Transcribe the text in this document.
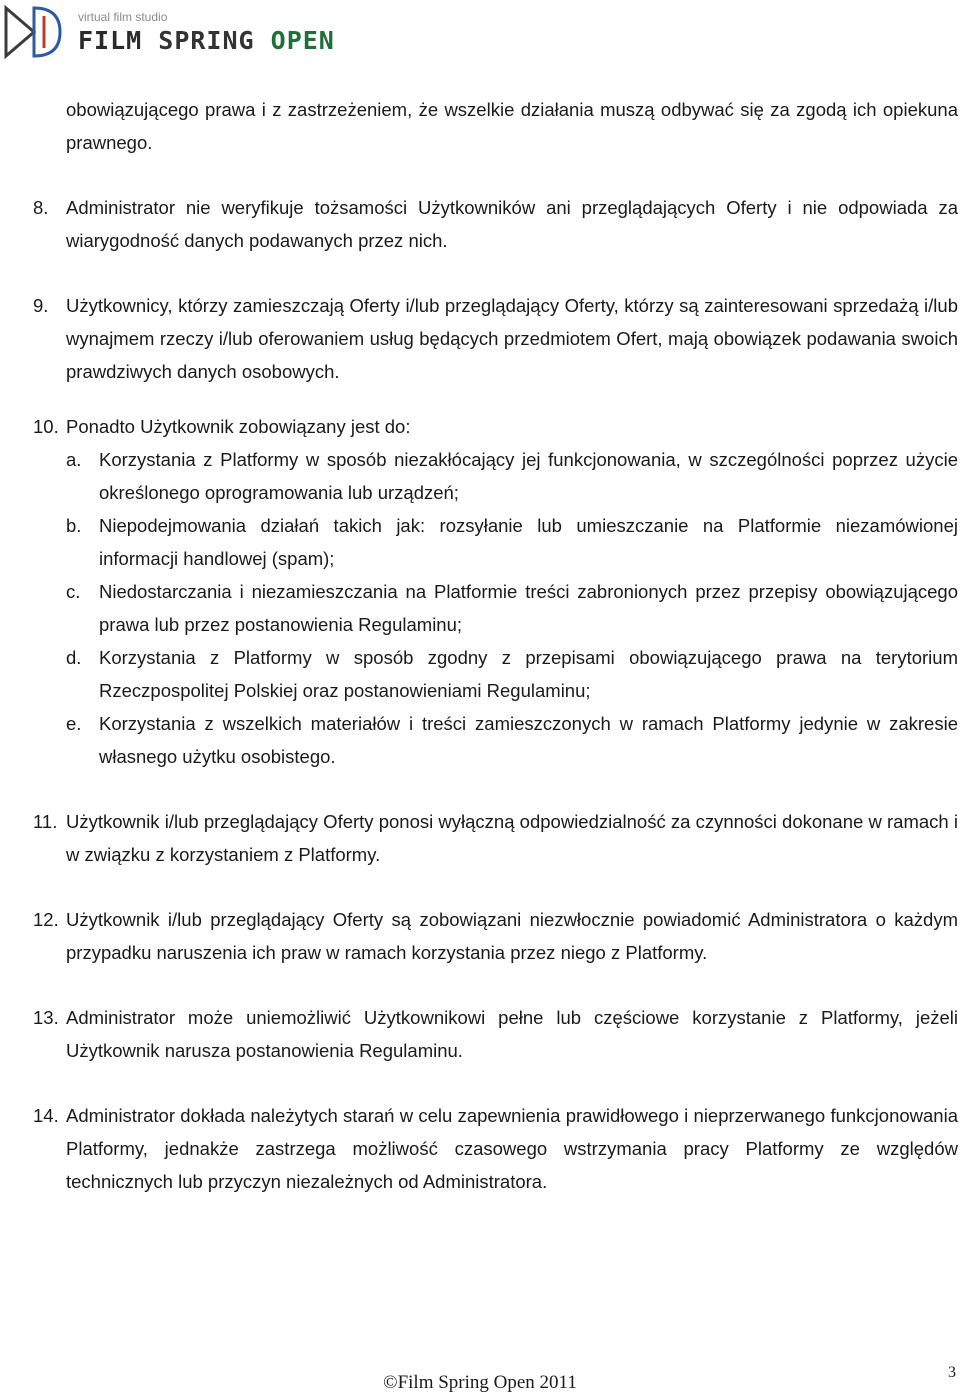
virtual film studio
FILM SPRING OPEN

obowiązującego prawa i z zastrzeżeniem, że wszelkie działania muszą odbywać się za zgodą ich opiekuna prawnego.

8. Administrator nie weryfikuje tożsamości Użytkowników ani przeglądających Oferty i nie odpowiada za wiarygodność danych podawanych przez nich.
9. Użytkownicy, którzy zamieszczają Oferty i/lub przeglądający Oferty, którzy są zainteresowani sprzedażą i/lub wynajmem rzeczy i/lub oferowaniem usług będących przedmiotem Ofert, mają obowiązek podawania swoich prawdziwych danych osobowych.
10. Ponadto Użytkownik zobowiązany jest do:
a. Korzystania z Platformy w sposób niezakłócający jej funkcjonowania, w szczególności poprzez użycie określonego oprogramowania lub urządzeń;
b. Niepodejmowania działań takich jak: rozsyłanie lub umieszczanie na Platformie niezamówionej informacji handlowej (spam);
c.	Niedostarczania i niezamieszczania na Platformie treści zabronionych przez przepisy obowiązującego prawa lub przez postanowienia Regulaminu;
d. Korzystania z Platformy w sposób zgodny z przepisami obowiązującego prawa na terytorium Rzeczpospolitej Polskiej oraz postanowieniami Regulaminu;
e. Korzystania z wszelkich materiałów i treści zamieszczonych w ramach Platformy jedynie w zakresie własnego użytku osobistego.
11. Użytkownik i/lub przeglądający Oferty ponosi wyłączną odpowiedzialność za czynności dokonane w ramach i w związku z korzystaniem z Platformy.
12. Użytkownik i/lub przeglądający Oferty są zobowiązani niezwłocznie powiadomić Administratora o każdym przypadku naruszenia ich praw w ramach korzystania przez niego z Platformy.
13. Administrator może uniemożliwić Użytkownikowi pełne lub częściowe korzystanie z Platformy, jeżeli Użytkownik narusza postanowienia Regulaminu.
14. Administrator dokłada należytych starań w celu zapewnienia prawidłowego i nieprzerwanego funkcjonowania Platformy, jednakże zastrzega możliwość czasowego wstrzymania pracy Platformy ze względów technicznych lub przyczyn niezależnych od Administratora.
©Film Spring Open 2011	3
